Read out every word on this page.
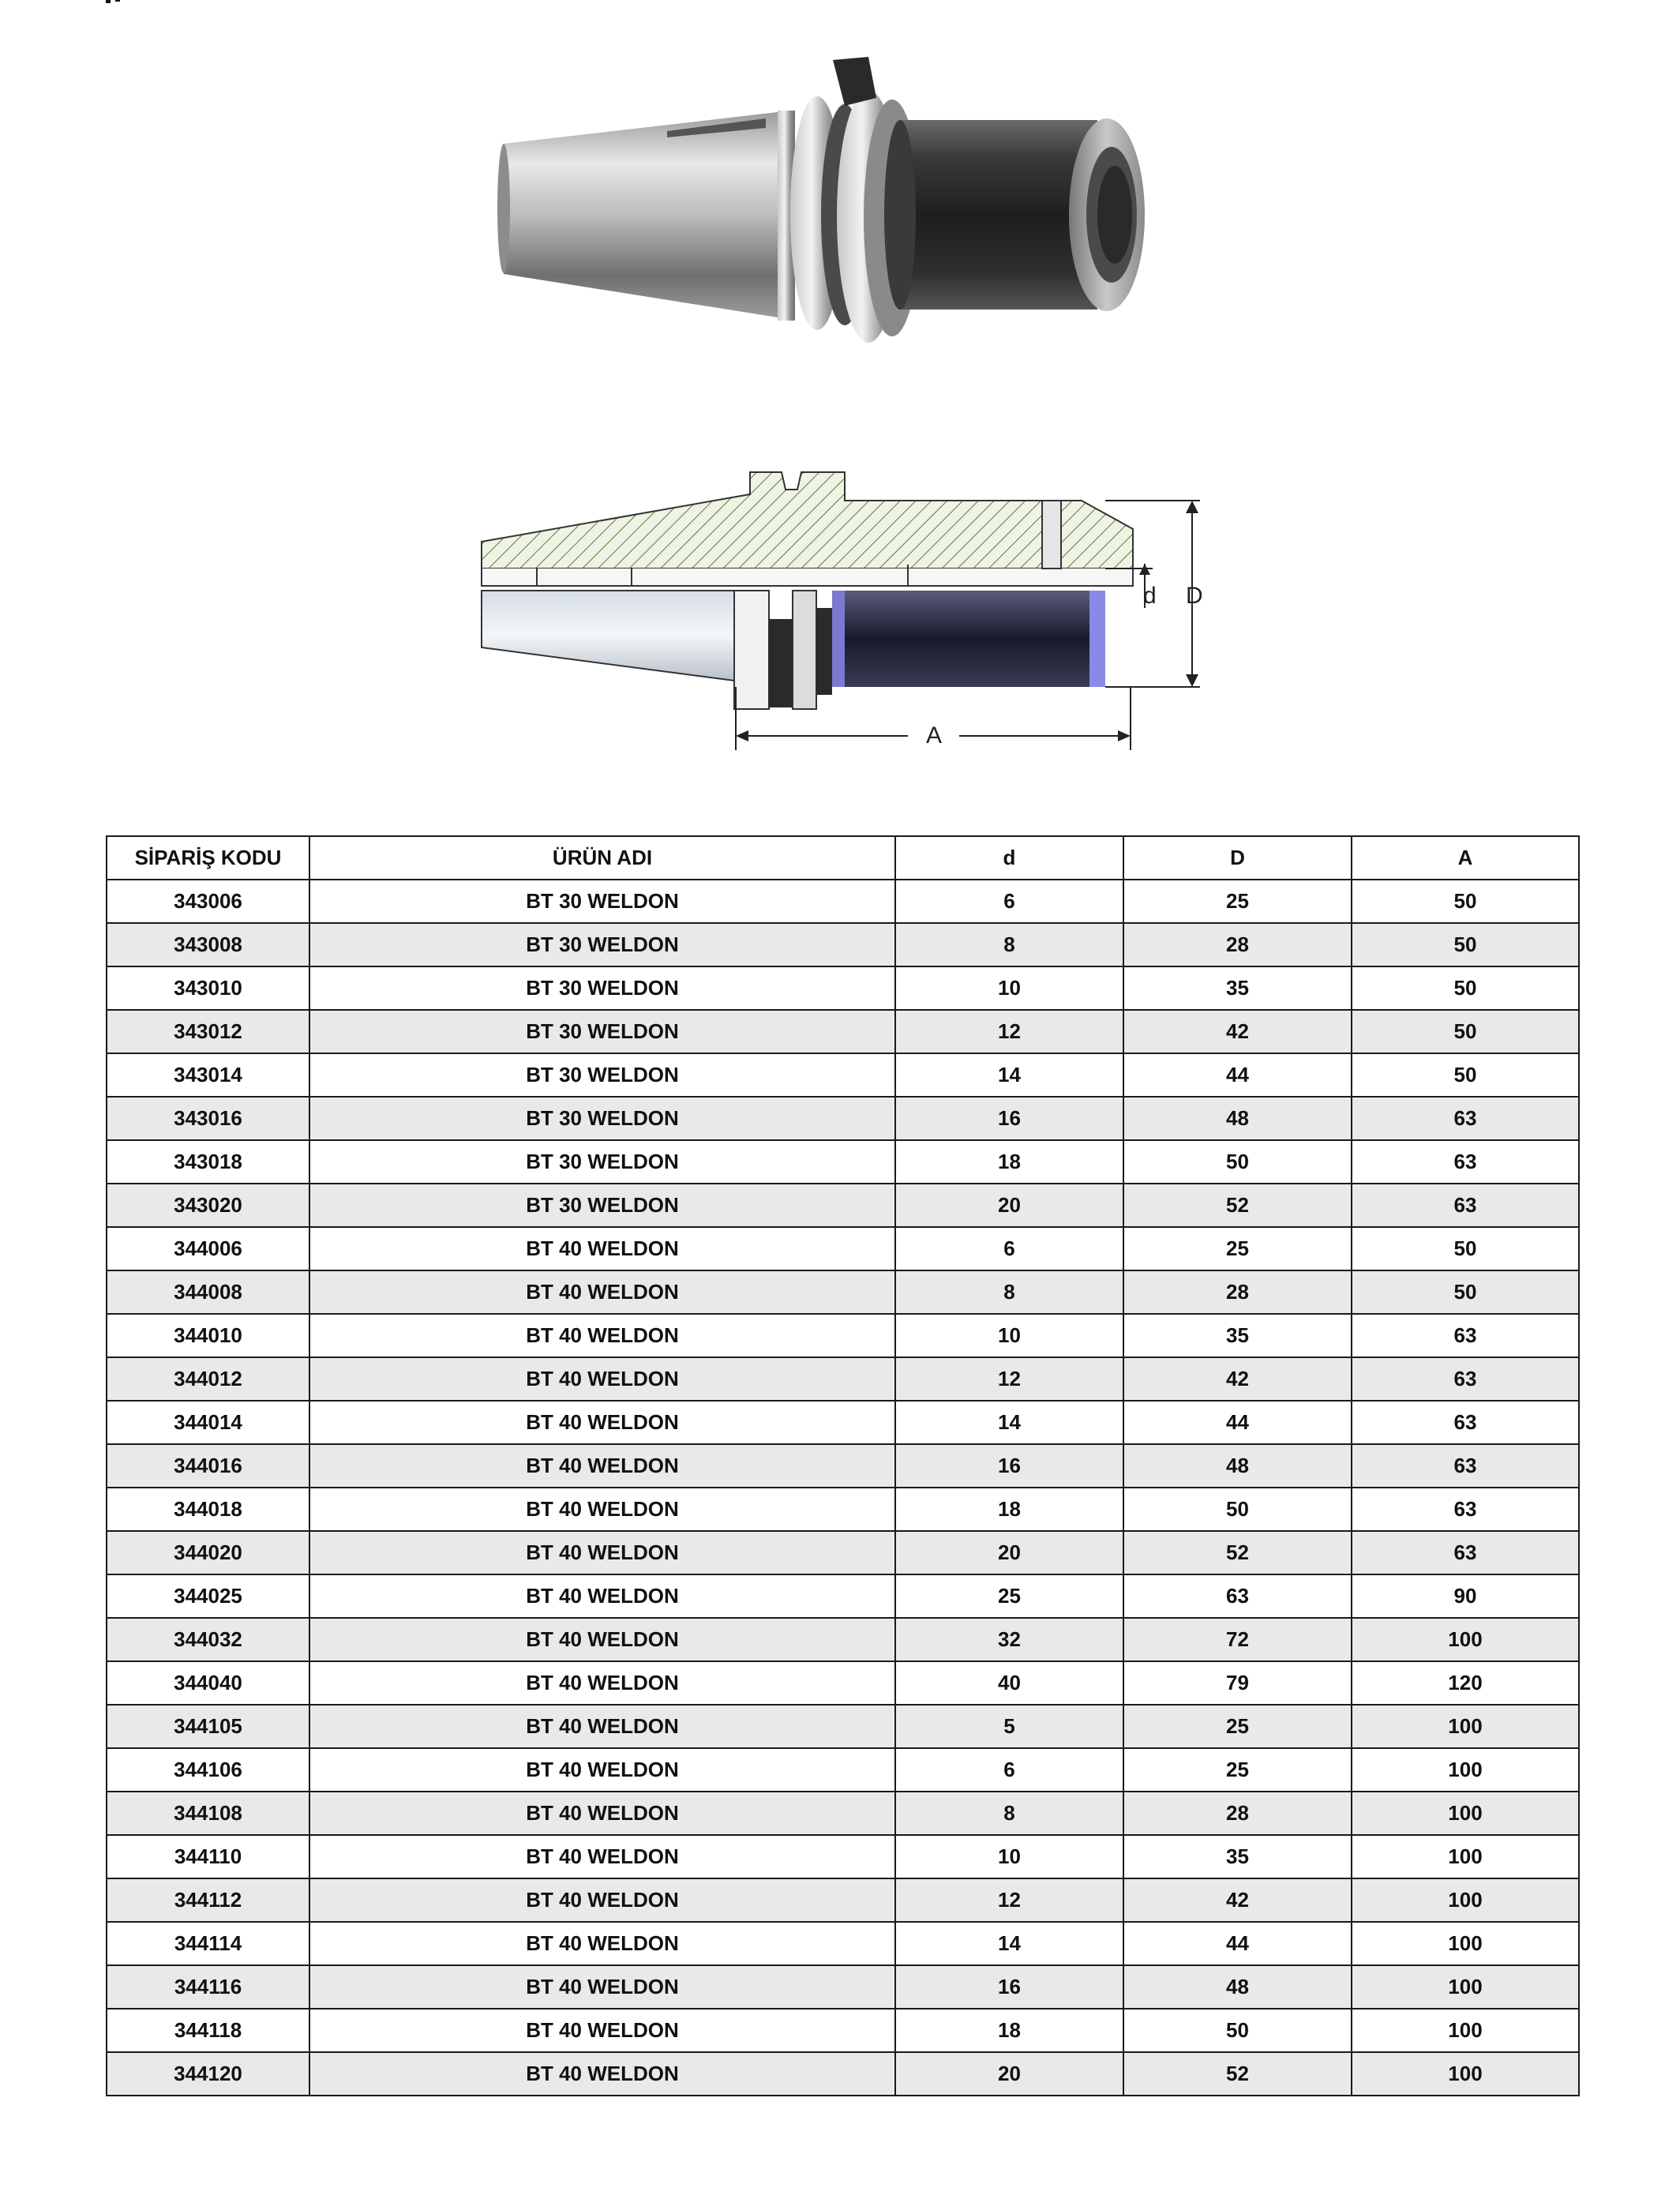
d D
A
SİPARİŞ KODU	ÜRÜN ADI	d	D	A
343006	BT 30 WELDON	6	25	50
343008	BT 30 WELDON	8	28	50
343010	BT 30 WELDON	10	35	50
343012	BT 30 WELDON	12	42	50
343014	BT 30 WELDON	14	44	50
343016	BT 30 WELDON	16	48	63
343018	BT 30 WELDON	18	50	63
343020	BT 30 WELDON	20	52	63
344006	BT 40 WELDON	6	25	50
344008	BT 40 WELDON	8	28	50
344010	BT 40 WELDON	10	35	63
344012	BT 40 WELDON	12	42	63
344014	BT 40 WELDON	14	44	63
344016	BT 40 WELDON	16	48	63
344018	BT 40 WELDON	18	50	63
344020	BT 40 WELDON	20	52	63
344025	BT 40 WELDON	25	63	90
344032	BT 40 WELDON	32	72	100
344040	BT 40 WELDON	40	79	120
344105	BT 40 WELDON	5	25	100
344106	BT 40 WELDON	6	25	100
344108	BT 40 WELDON	8	28	100
344110	BT 40 WELDON	10	35	100
344112	BT 40 WELDON	12	42	100
344114	BT 40 WELDON	14	44	100
344116	BT 40 WELDON	16	48	100
344118	BT 40 WELDON	18	50	100
344120	BT 40 WELDON	20	52	100
